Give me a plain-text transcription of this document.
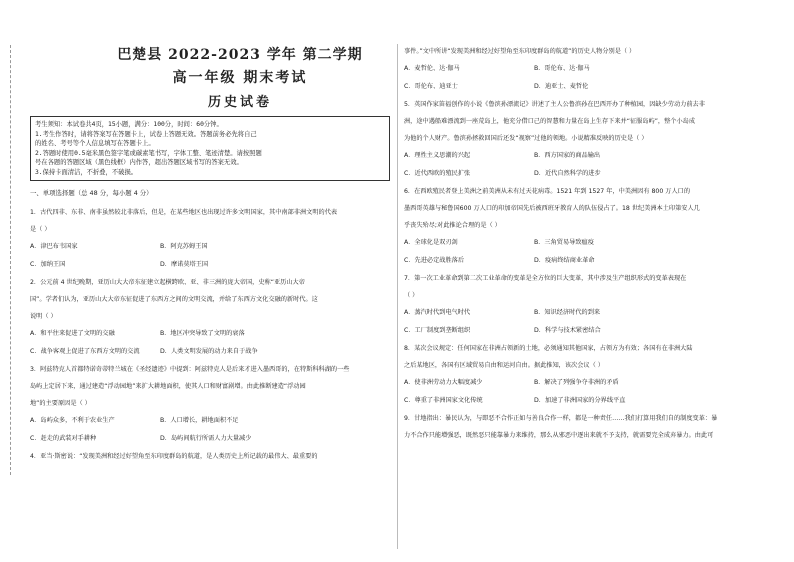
巴楚县 2022-2023 学年 第二学期
高一年级 期末考试
历史试卷
考生须知：本试卷共4页，15小题，满分：100分，时间：60分钟。
1.考生作答时，请将答案写在答题卡上，试卷上答题无效。答题前务必先将自己
的姓名、考号等个人信息填写在答题卡上。
2.答题时使用0.5毫米黑色签字笔或碳素笔书写，字体工整、笔迹清楚。请按照题
号在各题的答题区域（黑色线框）内作答，超出答题区域书写的答案无效。
3.保持卡面清洁，不折叠，不破损。
一、单项选择题（总 48 分，每小题 4 分）
1．古代四非、东非、南非虽然较北非落后，但是，在某些地区也出现过许多文明国家，其中南部非洲文明的代表
是（ ）
A．津巴布韦国家	B．阿克苏姆王国
C．加纳王国	D．摩诺莫塔王国
2．公元前 4 世纪晚期，亚历山大大帝东征建立起横跨欧、亚、非三洲的庞大帝国，史称“亚历山大帝
国”。学者们认为，亚历山大大帝东征促进了东西方之间的文明交流，并给了东西方文化交融的新时代。这
说明（ ）
A．和平往来促进了文明的交融	B．地区冲突导致了文明的衰落
C．战争客观上促进了东西方文明的交流	D．人类文明发展的动力来自于战争
3．阿兹特克人首都特诺奇蒂特兰城在《圣经遗迹》中提到：阿兹特克人是后来才进入墨西哥的，在特斯科科湖的一些
岛屿上定居下来，通过建造“浮动园地”来扩大耕地面积，使其人口和财富剧增。由此推断建造“浮动园
地”的主要原因是（ ）
A．岛屿众多，不利于农业生产	B．人口增长，耕地面积不足
C．赶走的武装对手耕种	D．岛屿间航行所需人力大量减少
4．亚当·斯密说：“发现美洲和经过好望角至东印度群岛的航道，是人类历史上所记载的最伟大、最重要的
事件。”文中所讲“发现美洲和经过好望角至东印度群岛的航道”的历史人物分别是（ ）
A．麦哲伦、达·伽马	B．哥伦布、达·伽马
C．哥伦布、迪亚士	D．迪亚士、麦哲伦
5．英国作家笛福创作的小说《鲁滨孙漂流记》讲述了主人公鲁滨孙在巴西开办了种植园，因缺少劳动力前去非
洲，途中遇船难漂流到一座荒岛上，他充分借口己的智慧和力量在岛上生存下来并“征服岛屿”，整个小岛成
为他的个人财产。鲁滨孙拯救回国后还发“视察”过他的领地。小说精准反映的历史是（ ）
A．理性主义思潮的兴起	B．西方国家的商品输出
C．近代西欧的殖民扩张	D．近代自然科学的进步
6．在西欧殖民者登上美洲之前美洲从未有过天花病毒。1521 年到 1527 年，中美洲因有 800 万人口的
墨西哥英雄与秘鲁国600 万人口的印加帝国先后被西班牙教育人的队伍侵占了。18 世纪美洲本土印第安人几
乎丧失殆尽;对此推论合理的是（ ）
A．全球化是双刃剑	B．三角贸易导致瘟疫
C．先进必定战胜落后	D．疫病终结商业革命
7．第一次工业革命到第二次工业革命的变革是全方位的巨大变革，其中涉及生产组织形式的变革表现在
（ ）
A．蒸汽时代到电气时代	B．知识经济时代的到来
C．工厂制度到垄断组织	D．科学与技术紧密结合
8．某次会议规定：任何国家在非洲占领新的土地，必须通知其他国家，占领方为有效；各国有在非洲大陆
之后某地区，各国有区域贸易自由和运河自由。据此推知，该次会议（ ）
A．使非洲劳动力大幅度减少	B．解决了列强争夺非洲的矛盾
C．尊重了非洲国家文化传统	D．加速了非洲国家的分界线平直
9．甘地指出：暴民认为，与即恶不合作正如与善良合作一样，都是一种责任……我们打算用我们自的制度变革：暴
力不合作只能增强恶，既然恶只能靠暴力来维持，那么从邪恶中逐出来就不予支持，就需要完全成弃暴力。由此可
